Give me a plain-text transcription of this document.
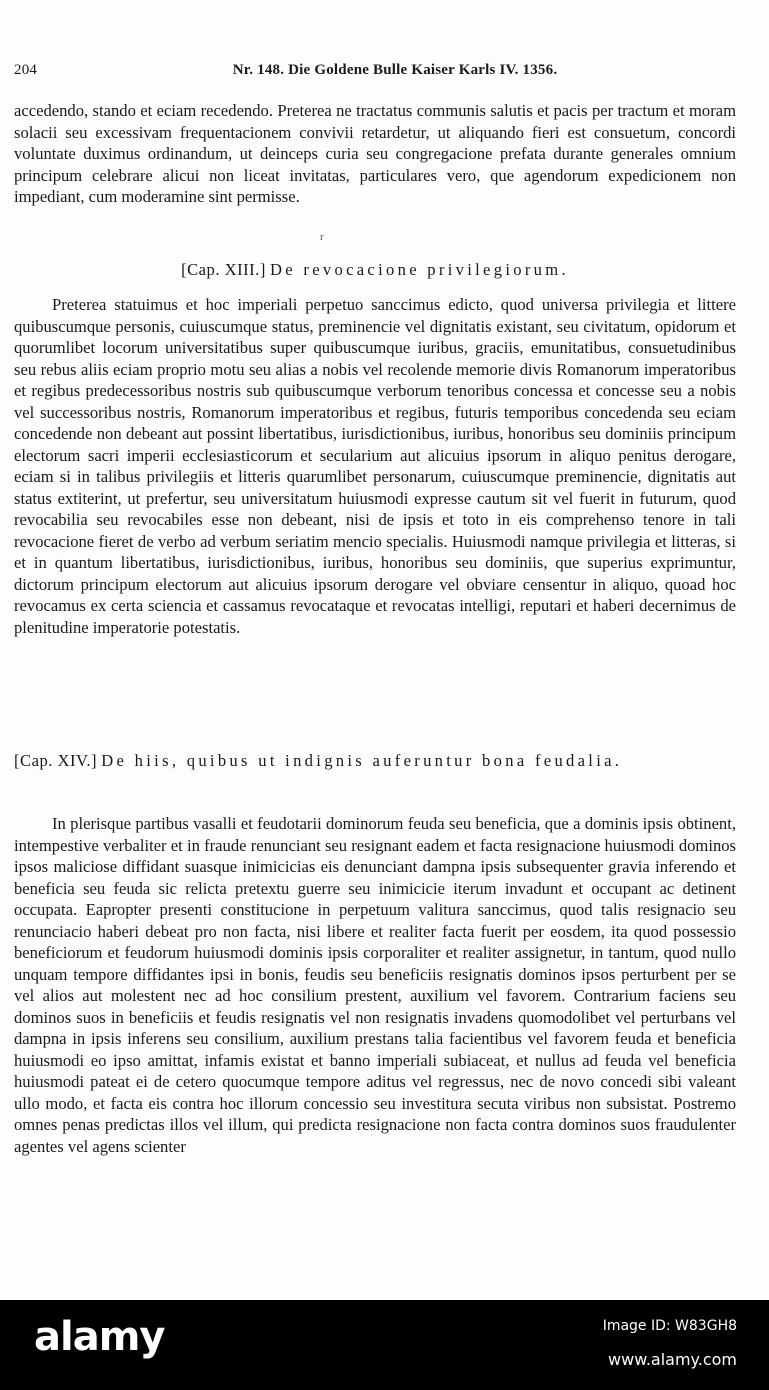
204	Nr. 148. Die Goldene Bulle Kaiser Karls IV. 1356.

accedendo, stando et eciam recedendo. Preterea ne tractatus communis salutis et pacis per tractum et moram solacii seu excessivam frequentacionem convivii retardetur, ut aliquando fieri est consuetum, concordi voluntate duximus ordinandum, ut deinceps curia seu congregacione prefata durante generales omnium principum celebrare alicui non liceat invitatas, particulares vero, que agendorum expedicionem non impediant, cum moderamine sint permisse.

r
[Cap. XIII.] De revocacione privilegiorum.

Preterea statuimus et hoc imperiali perpetuo sanccimus edicto, quod universa privilegia et littere quibuscumque personis, cuiuscumque status, preminencie vel dignitatis existant, seu civitatum, opidorum et quorumlibet locorum universitatibus super quibuscumque iuribus, graciis, emunitatibus, consuetudinibus seu rebus aliis eciam proprio motu seu alias a nobis vel recolende memorie divis Romanorum imperatoribus et regibus predecessoribus nostris sub quibuscumque verborum tenoribus concessa et concesse seu a nobis vel successoribus nostris, Romanorum imperatoribus et regibus, futuris temporibus concedenda seu eciam concedende non debeant aut possint libertatibus, iurisdictionibus, iuribus, honoribus seu dominiis principum electorum sacri imperii ecclesiasticorum et secularium aut alicuius ipsorum in aliquo penitus derogare, eciam si in talibus privilegiis et litteris quarumlibet personarum, cuiuscumque preminencie, dignitatis aut status extiterint, ut prefertur, seu universitatum huiusmodi expresse cautum sit vel fuerit in futurum, quod revocabilia seu revocabiles esse non debeant, nisi de ipsis et toto in eis comprehenso tenore in tali revocacione fieret de verbo ad verbum seriatim mencio specialis. Huiusmodi namque privilegia et litteras, si et in quantum libertatibus, iurisdictionibus, iuribus, honoribus seu dominiis, que superius exprimuntur, dictorum principum electorum aut alicuius ipsorum derogare vel obviare censentur in aliquo, quoad hoc revocamus ex certa sciencia et cassamus revocataque et revocatas intelligi, reputari et haberi decernimus de plenitudine imperatorie potestatis.

[Cap. XIV.] De hiis, quibus ut indignis auferuntur bona feudalia.

In plerisque partibus vasalli et feudotarii dominorum feuda seu beneficia, que a dominis ipsis obtinent, intempestive verbaliter et in fraude renunciant seu resignant eadem et facta resignacione huiusmodi dominos ipsos maliciose diffidant suasque inimicicias eis denunciant dampna ipsis subsequenter gravia inferendo et beneficia seu feuda sic relicta pretextu guerre seu inimicicie iterum invadunt et occupant ac detinent occupata. Eapropter presenti constitucione in perpetuum valitura sanccimus, quod talis resignacio seu renunciacio haberi debeat pro non facta, nisi libere et realiter facta fuerit per eosdem, ita quod possessio beneficiorum et feudorum huiusmodi dominis ipsis corporaliter et realiter assignetur, in tantum, quod nullo unquam tempore diffidantes ipsi in bonis, feudis seu beneficiis resignatis dominos ipsos perturbent per se vel alios aut molestent nec ad hoc consilium prestent, auxilium vel favorem. Contrarium faciens seu dominos suos in beneficiis et feudis resignatis vel non resignatis invadens quomodolibet vel perturbans vel dampna in ipsis inferens seu consilium, auxilium prestans talia facientibus vel favorem feuda et beneficia huiusmodi eo ipso amittat, infamis existat et banno imperiali subiaceat, et nullus ad feuda vel beneficia huiusmodi pateat ei de cetero quocumque tempore aditus vel regressus, nec de novo concedi sibi valeant ullo modo, et facta eis contra hoc illorum concessio seu investitura secuta viribus non subsistat. Postremo omnes penas predictas illos vel illum, qui predicta resignacione non facta contra dominos suos fraudulenter agentes vel agens scienter

alamy	Image ID: W83GH8
www.alamy.com
